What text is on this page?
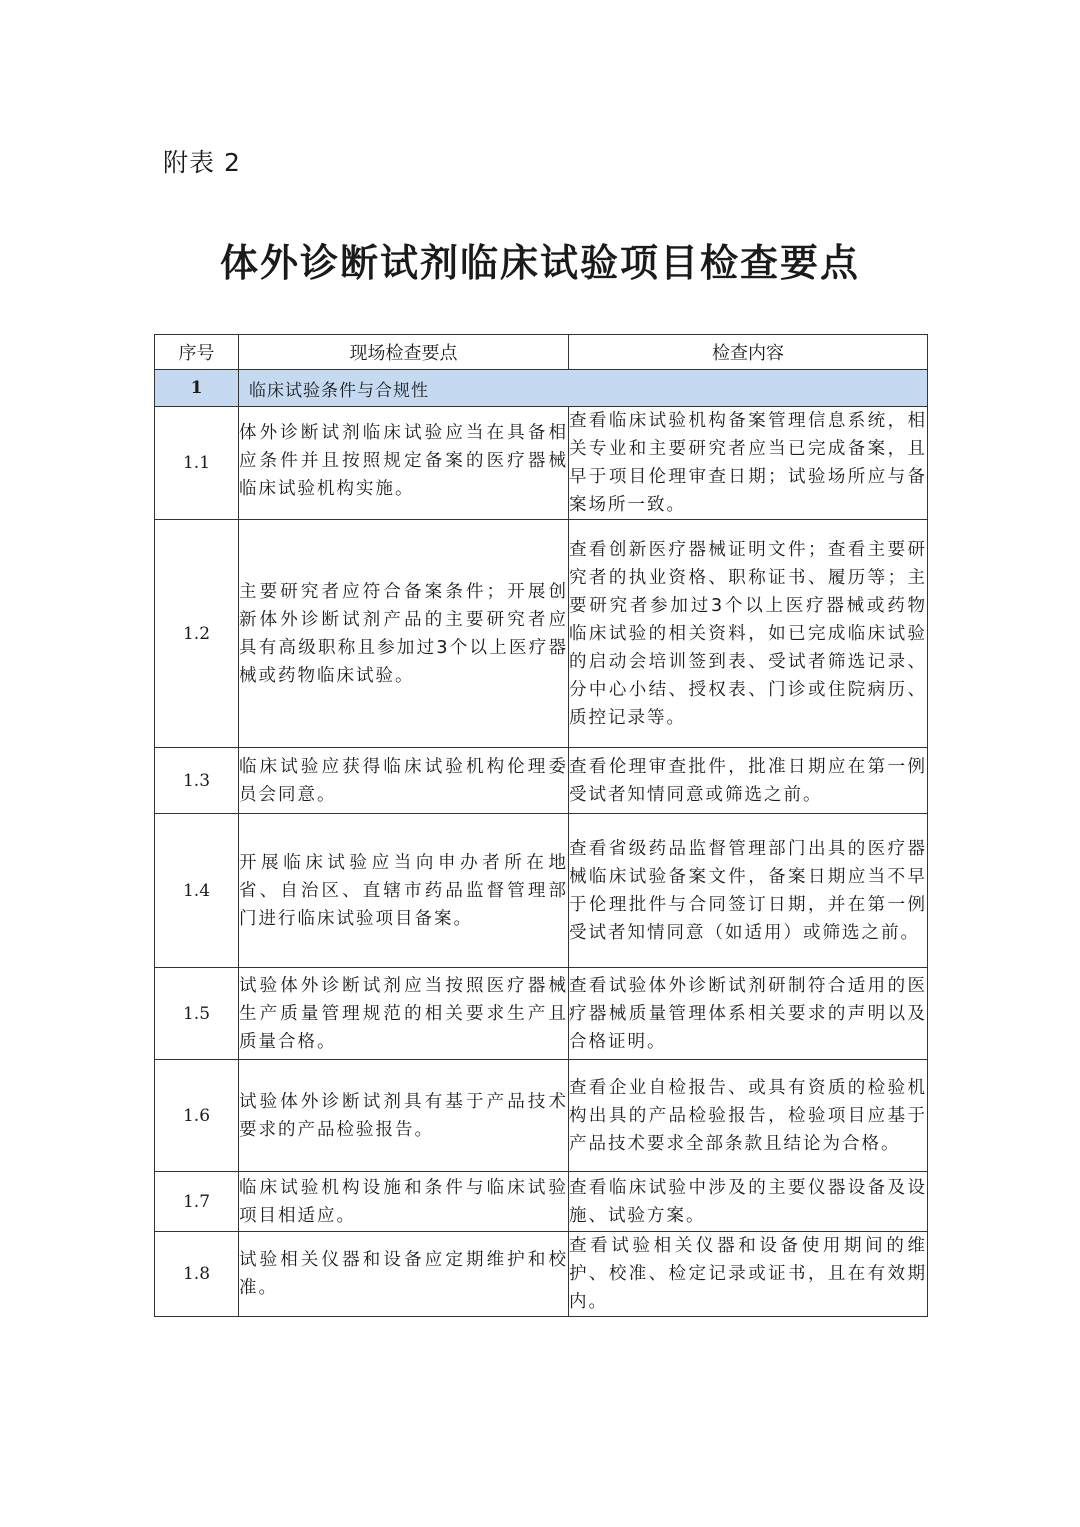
附表 2
体外诊断试剂临床试验项目检查要点
序号	现场检查要点	检查内容
1	临床试验条件与合规性	
1.1	体外诊断试剂临床试验应当在具备相应条件并且按照规定备案的医疗器械临床试验机构实施。	查看临床试验机构备案管理信息系统，相关专业和主要研究者应当已完成备案，且早于项目伦理审查日期；试验场所应与备案场所一致。
1.2	主要研究者应符合备案条件；开展创新体外诊断试剂产品的主要研究者应具有高级职称且参加过3个以上医疗器械或药物临床试验。	查看创新医疗器械证明文件；查看主要研究者的执业资格、职称证书、履历等；主要研究者参加过3个以上医疗器械或药物临床试验的相关资料，如已完成临床试验的启动会培训签到表、受试者筛选记录、分中心小结、授权表、门诊或住院病历、质控记录等。
1.3	临床试验应获得临床试验机构伦理委员会同意。	查看伦理审查批件，批准日期应在第一例受试者知情同意或筛选之前。
1.4	开展临床试验应当向申办者所在地省、自治区、直辖市药品监督管理部门进行临床试验项目备案。	查看省级药品监督管理部门出具的医疗器械临床试验备案文件，备案日期应当不早于伦理批件与合同签订日期，并在第一例受试者知情同意（如适用）或筛选之前。
1.5	试验体外诊断试剂应当按照医疗器械生产质量管理规范的相关要求生产且质量合格。	查看试验体外诊断试剂研制符合适用的医疗器械质量管理体系相关要求的声明以及合格证明。
1.6	试验体外诊断试剂具有基于产品技术要求的产品检验报告。	查看企业自检报告、或具有资质的检验机构出具的产品检验报告，检验项目应基于产品技术要求全部条款且结论为合格。
1.7	临床试验机构设施和条件与临床试验项目相适应。	查看临床试验中涉及的主要仪器设备及设施、试验方案。
1.8	试验相关仪器和设备应定期维护和校准。	查看试验相关仪器和设备使用期间的维护、校准、检定记录或证书，且在有效期内。
